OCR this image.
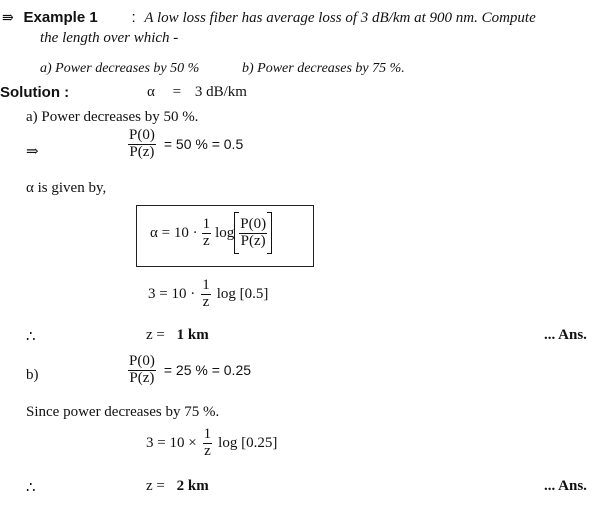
⇛ Example 1 : A low loss fiber has average loss of 3 dB/km at 900 nm. Compute
the length over which -
a) Power decreases by 50 %	b) Power decreases by 75 %.
Solution :	α = 3 dB/km
a) Power decreases by 50 %.
⇒	$\frac{P(0)}{P(z)} = 50$ % = 0.5
α is given by,
$\alpha = 10 \cdot \frac{1}{z}$ $\log \frac{P(0)}{P(z)}$
$3 = 10 \cdot \frac{1}{z}$ log [0.5]
∴	z = 1 km	... Ans.
b)	$\frac{P(0)}{P(z)} = 25$ % = 0.25
Since power decreases by 75 %.
$3 = 10 \times \frac{1}{z}$ log [0.25]
∴	z = 2 km	... Ans.
